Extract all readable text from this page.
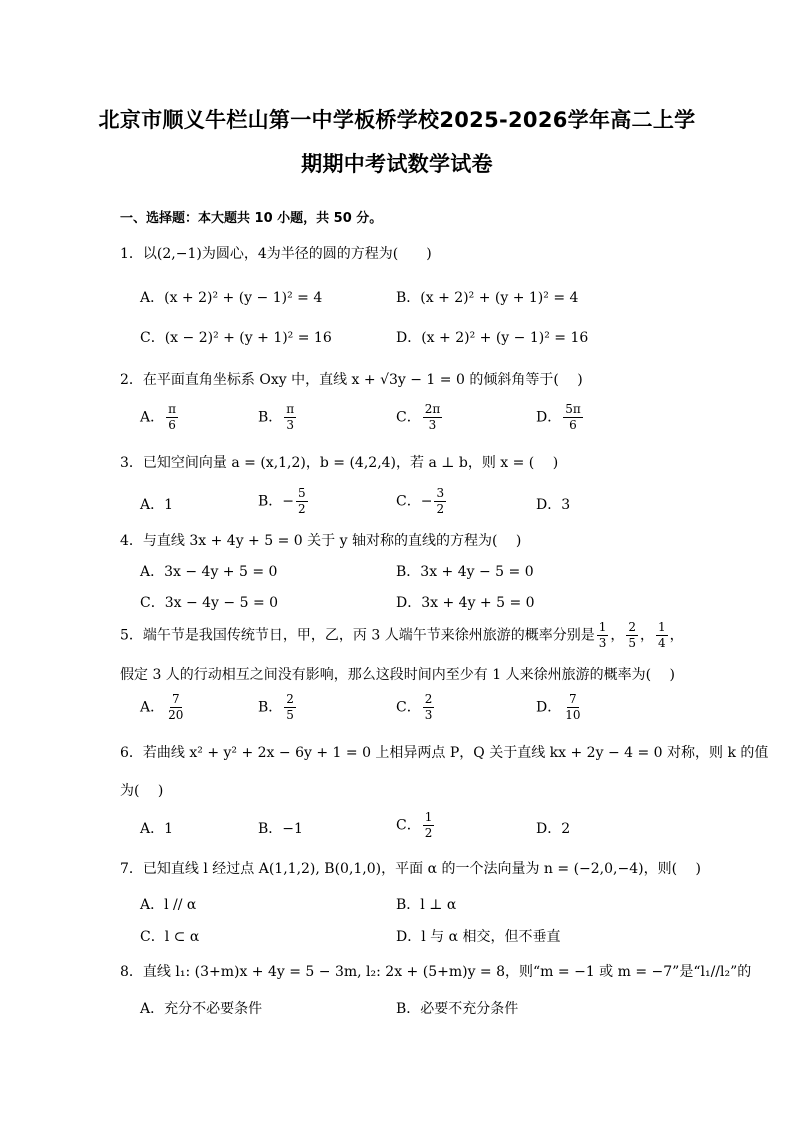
北京市顺义牛栏山第一中学板桥学校2025-2026学年高二上学
期期中考试数学试卷
一、选择题：本大题共 10 小题，共 50 分。
1．以(2,−1)为圆心，4为半径的圆的方程为(　　)
A．(x + 2)² + (y − 1)² = 4	B．(x + 2)² + (y + 1)² = 4
C．(x − 2)² + (y + 1)² = 16	D．(x + 2)² + (y − 1)² = 16
2．在平面直角坐标系 Oxy 中，直线 x + √3y − 1 = 0 的倾斜角等于(　 )
A． $\frac{\pi}{6}$	B． $\frac{\pi}{3}$	C． $\frac{2\pi}{3}$	D． $\frac{5\pi}{6}$
3．已知空间向量 a = (x,1,2)，b = (4,2,4)，若 a ⊥ b，则 x = (　 )
A．1	B．− $\frac{5}{2}$	C．− $\frac{3}{2}$	D．3
4．与直线 3x + 4y + 5 = 0 关于 y 轴对称的直线的方程为(　 )
A．3x − 4y + 5 = 0	B．3x + 4y − 5 = 0
C．3x − 4y − 5 = 0	D．3x + 4y + 5 = 0
5．端午节是我国传统节日，甲，乙，丙 3 人端午节来徐州旅游的概率分别是 $\frac{1}{3}$ ， $\frac{2}{5}$ ， $\frac{1}{4}$ ，
假定 3 人的行动相互之间没有影响，那么这段时间内至少有 1 人来徐州旅游的概率为(　 )
A． $\frac{7}{20}$	B． $\frac{2}{5}$	C． $\frac{2}{3}$	D． $\frac{7}{10}$
6．若曲线 x² + y² + 2x − 6y + 1 = 0 上相异两点 P，Q 关于直线 kx + 2y − 4 = 0 对称，则 k 的值
为(　 )
A．1	B．−1	C． $\frac{1}{2}$	D．2
7．已知直线 l 经过点 A(1,1,2), B(0,1,0)，平面 α 的一个法向量为 n = (−2,0,−4)，则(　 )
A．l // α	B．l ⊥ α
C．l ⊂ α	D．l 与 α 相交，但不垂直
8．直线 l₁: (3+m)x + 4y = 5 − 3m, l₂: 2x + (5+m)y = 8，则“m = −1 或 m = −7”是“l₁//l₂”的
A．充分不必要条件	B．必要不充分条件
